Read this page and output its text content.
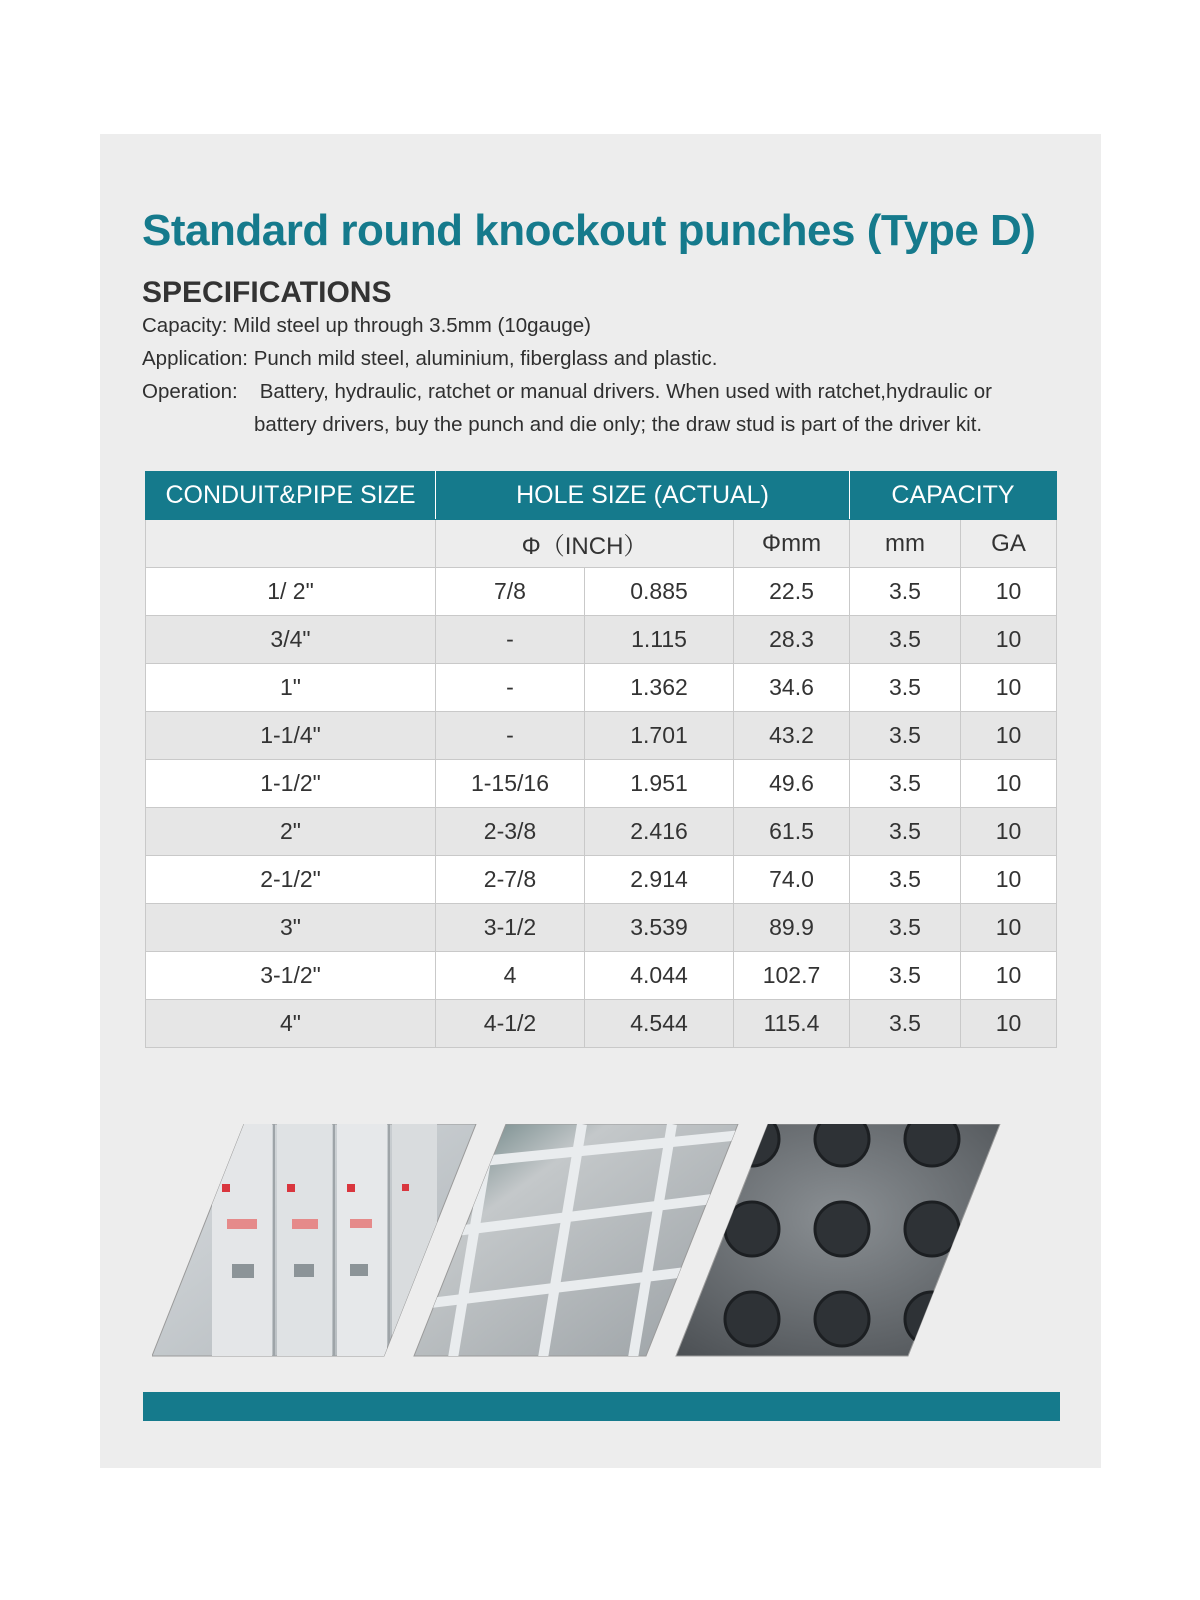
Standard round knockout punches (Type D)
SPECIFICATIONS
Capacity: Mild steel up through 3.5mm (10gauge)
Application: Punch mild steel, aluminium, fiberglass and plastic.
Operation: Battery, hydraulic, ratchet or manual drivers. When used with ratchet,hydraulic or
battery drivers, buy the punch and die only; the draw stud is part of the driver kit.
CONDUIT&PIPE SIZE	HOLE SIZE (ACTUAL)			CAPACITY	
	Φ（INCH）		Φmm	mm	GA
1/ 2"	7/8	0.885	22.5	3.5	10
3/4"	-	1.115	28.3	3.5	10
1"	-	1.362	34.6	3.5	10
1-1/4"	-	1.701	43.2	3.5	10
1-1/2"	1-15/16	1.951	49.6	3.5	10
2"	2-3/8	2.416	61.5	3.5	10
2-1/2"	2-7/8	2.914	74.0	3.5	10
3"	3-1/2	3.539	89.9	3.5	10
3-1/2"	4	4.044	102.7	3.5	10
4"	4-1/2	4.544	115.4	3.5	10
